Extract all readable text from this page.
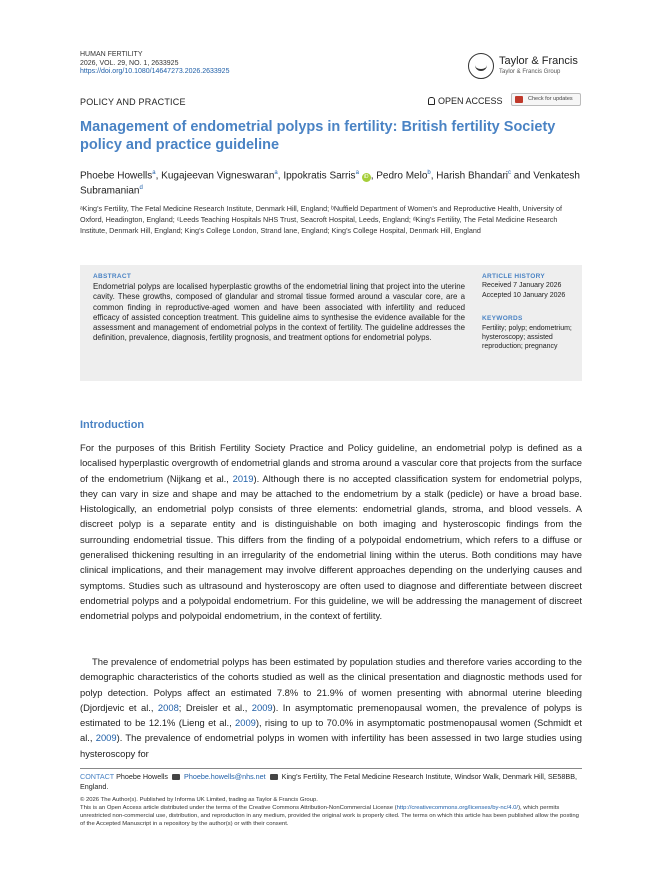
HUMAN FERTILITY
2026, VOL. 29, NO. 1, 2633925
https://doi.org/10.1080/14647273.2026.2633925
Taylor & Francis
Taylor & Francis Group
POLICY AND PRACTICE	OPEN ACCESS	Check for updates
Management of endometrial polyps in fertility: British fertility Society policy and practice guideline
Phoebe Howells$^a$, Kugajeevan Vigneswaran$^a$, Ippokratis Sarris$^a$ iD , Pedro Melo$^b$, Harish Bhandari$^c$ and Venkatesh Subramanian$^d$
ᵃKing’s Fertility, The Fetal Medicine Research Institute, Denmark Hill, England; ᵇNuffield Department of Women’s and Reproductive Health, University of Oxford, Headington, England; ᶜLeeds Teaching Hospitals NHS Trust, Seacroft Hospital, Leeds, England; ᵈKing’s Fertility, The Fetal Medicine Research Institute, Denmark Hill, England; King’s College London, Strand lane, England; King’s College Hospital, Denmark Hill, England
ABSTRACT
Endometrial polyps are localised hyperplastic growths of the endometrial lining that project into the uterine cavity. These growths, composed of glandular and stromal tissue formed around a vascular core, are a common finding in reproductive-aged women and have been associated with infertility and reduced efficacy of assisted conception treatment. This guideline aims to synthesise the evidence available for the assessment and management of endometrial polyps in the context of fertility. The guideline addresses the definition, prevalence, diagnosis, fertility prognosis, and treatment options for endometrial polyps.
ARTICLE HISTORY
Received 7 January 2026
Accepted 10 January 2026
KEYWORDS
Fertility; polyp; endometrium; hysteroscopy; assisted reproduction; pregnancy
Introduction

For the purposes of this British Fertility Society Practice and Policy guideline, an endometrial polyp is defined as a localised hyperplastic overgrowth of endometrial glands and stroma around a vascular core that projects from the surface of the endometrium (Nijkang et al., 2019). Although there is no accepted classification system for endometrial polyps, they can vary in size and shape and may be attached to the endometrium by a stalk (pedicle) or have a broad base. Histologically, an endometrial polyp consists of three elements: endometrial glands, stroma, and blood vessels. A discreet polyp is a separate entity and is distinguishable on both imaging and hysteroscopic findings from the surrounding endometrial tissue. This differs from the finding of a polypoidal endometrium, which refers to a diffuse or generalised thickening resulting in an irregularity of the endometrial lining within the uterus. Both conditions may have clinical implications, and their management may involve different approaches depending on the underlying causes and symptoms. Studies such as ultrasound and hysteroscopy are often used to diagnose and differentiate between discreet endometrial polyps and a polypoidal endometrium. For this guideline, we will be addressing the management of discreet endometrial polyps and polypoidal endometrium, in the context of fertility.

The prevalence of endometrial polyps has been estimated by population studies and therefore varies according to the demographic characteristics of the cohorts studied as well as the clinical presentation and diagnostic methods used for polyp detection. Polyps affect an estimated 7.8% to 21.9% of women presenting with abnormal uterine bleeding (Djordjevic et al., 2008; Dreisler et al., 2009). In asymptomatic premenopausal women, the prevalence of polyps is estimated to be 12.1% (Lieng et al., 2009), rising to up to 70.0% in asymptomatic postmenopausal women (Schmidt et al., 2009). The prevalence of endometrial polyps in women with infertility has been assessed in two large studies using hysteroscopy for

CONTACT Phoebe Howells Phoebe.howells@nhs.net King’s Fertility, The Fetal Medicine Research Institute, Windsor Walk, Denmark Hill, SE58BB, England.
© 2026 The Author(s). Published by Informa UK Limited, trading as Taylor & Francis Group.
This is an Open Access article distributed under the terms of the Creative Commons Attribution-NonCommercial License (http://creativecommons.org/licenses/by-nc/4.0/), which permits unrestricted non-commercial use, distribution, and reproduction in any medium, provided the original work is properly cited. The terms on which this article has been published allow the posting of the Accepted Manuscript in a repository by the author(s) or with their consent.
